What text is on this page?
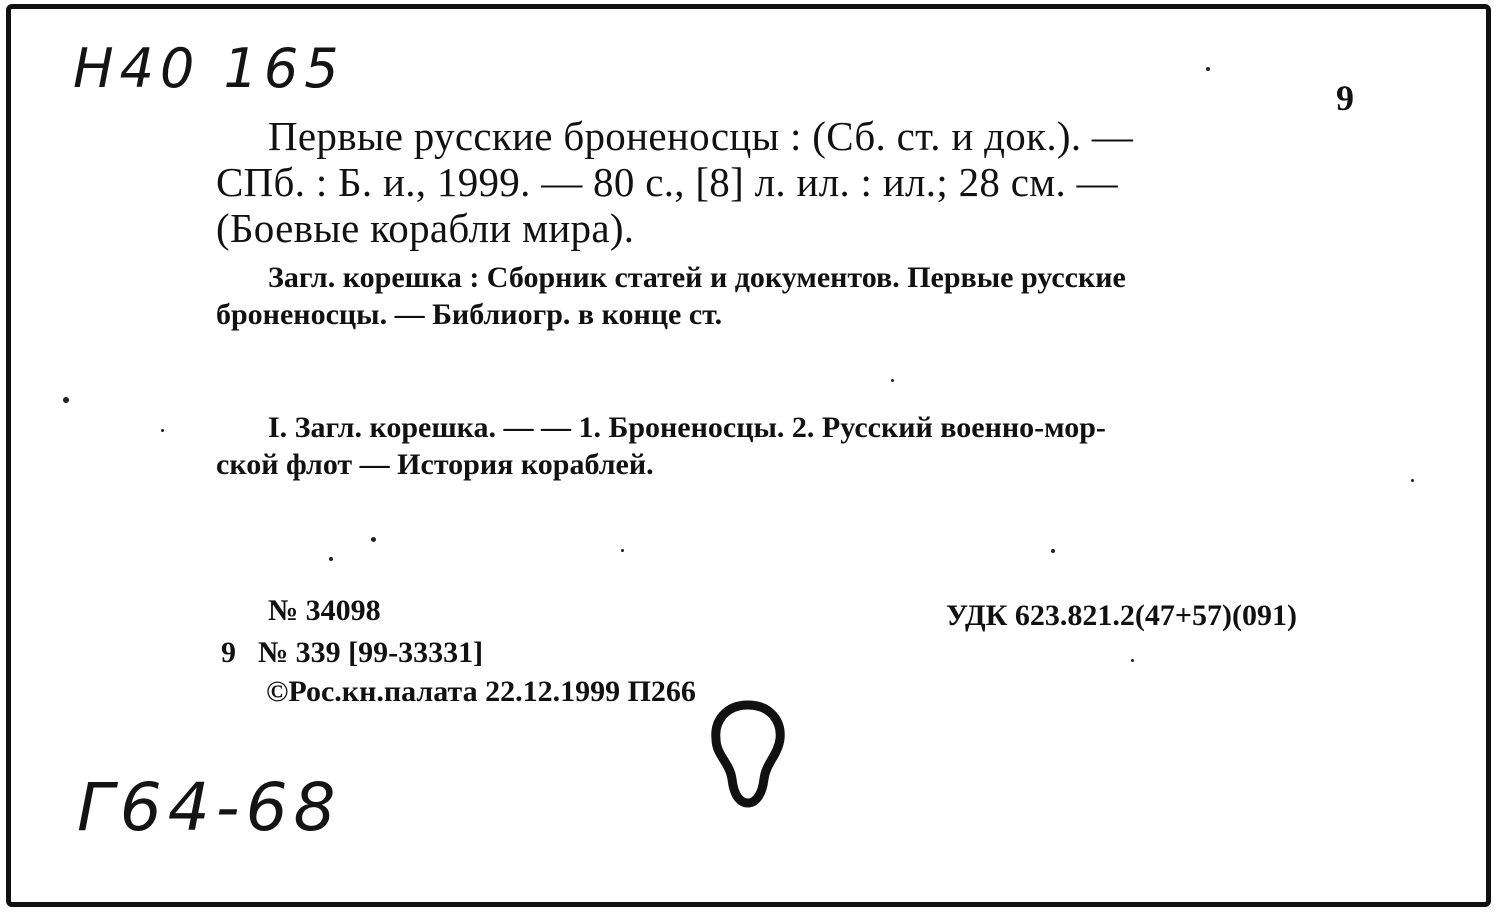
Н40 165	9
Первые русские броненосцы : (Сб. ст. и док.). —
СПб. : Б. и., 1999. — 80 с., [8] л. ил. : ил.; 28 см. —
(Боевые корабли мира).
Загл. корешка : Сборник статей и документов. Первые русские
броненосцы. — Библиогр. в конце ст.
I. Загл. корешка. — — 1. Броненосцы. 2. Русский военно-мор-
ской флот — История кораблей.
№ 34098
9 № 339 [99-33331]
©Рос.кн.палата 22.12.1999 П266
УДК 623.821.2(47+57)(091)
Г64-68
